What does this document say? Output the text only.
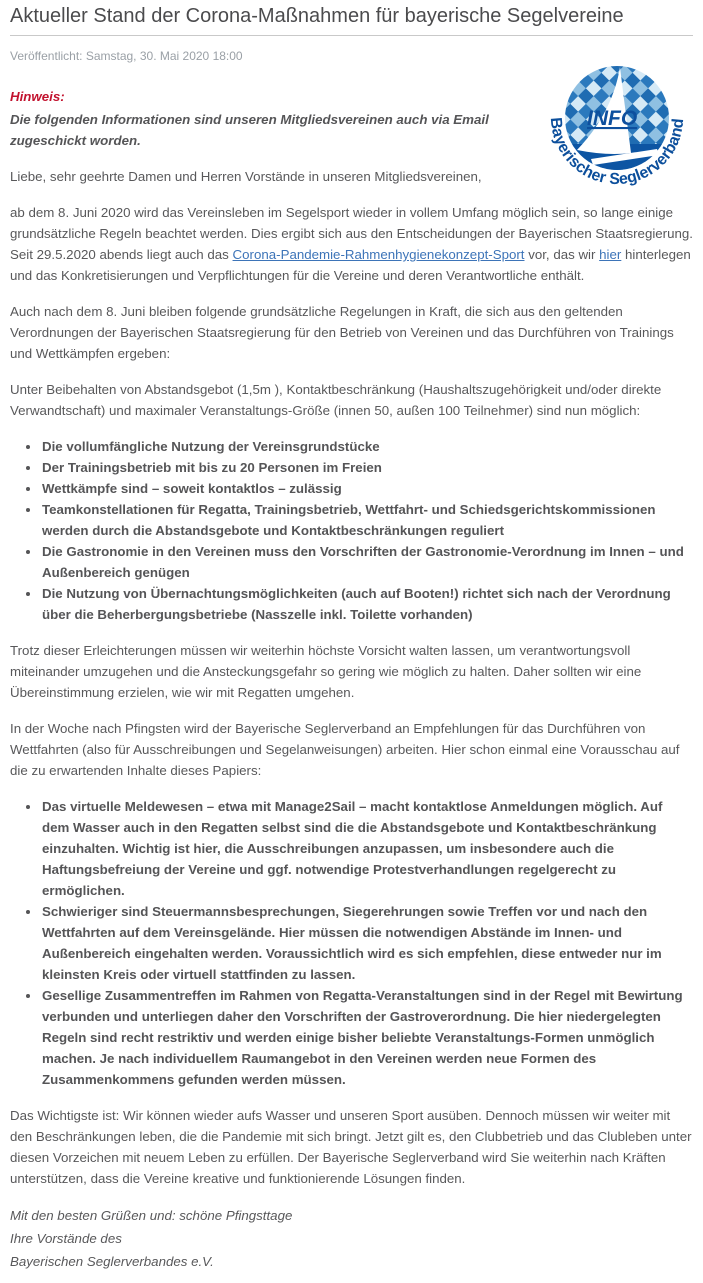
Aktueller Stand der Corona-Maßnahmen für bayerische Segelvereine

Veröffentlicht: Samstag, 30. Mai 2020 18:00

INFO
Bayerischer Seglerverband

Hinweis:
Die folgenden Informationen sind unseren Mitgliedsvereinen auch via Email zugeschickt worden.

Liebe, sehr geehrte Damen und Herren Vorstände in unseren Mitgliedsvereinen,

ab dem 8. Juni 2020 wird das Vereinsleben im Segelsport wieder in vollem Umfang möglich sein, so lange einige grundsätzliche Regeln beachtet werden. Dies ergibt sich aus den Entscheidungen der Bayerischen Staatsregierung. Seit 29.5.2020 abends liegt auch das Corona-Pandemie-Rahmenhygienekonzept-Sport vor, das wir hier hinterlegen und das Konkretisierungen und Verpflichtungen für die Vereine und deren Verantwortliche enthält.

Auch nach dem 8. Juni bleiben folgende grundsätzliche Regelungen in Kraft, die sich aus den geltenden Verordnungen der Bayerischen Staatsregierung für den Betrieb von Vereinen und das Durchführen von Trainings und Wettkämpfen ergeben:

Unter Beibehalten von Abstandsgebot (1,5m ), Kontaktbeschränkung (Haushaltszugehörigkeit und/oder direkte Verwandtschaft) und maximaler Veranstaltungs-Größe (innen 50, außen 100 Teilnehmer) sind nun möglich:

• Die vollumfängliche Nutzung der Vereinsgrundstücke
• Der Trainingsbetrieb mit bis zu 20 Personen im Freien
• Wettkämpfe sind – soweit kontaktlos – zulässig
• Teamkonstellationen für Regatta, Trainingsbetrieb, Wettfahrt- und Schiedsgerichtskommissionen werden durch die Abstandsgebote und Kontaktbeschränkungen reguliert
• Die Gastronomie in den Vereinen muss den Vorschriften der Gastronomie-Verordnung im Innen – und Außenbereich genügen
• Die Nutzung von Übernachtungsmöglichkeiten (auch auf Booten!) richtet sich nach der Verordnung über die Beherbergungsbetriebe (Nasszelle inkl. Toilette vorhanden)

Trotz dieser Erleichterungen müssen wir weiterhin höchste Vorsicht walten lassen, um verantwortungsvoll miteinander umzugehen und die Ansteckungsgefahr so gering wie möglich zu halten. Daher sollten wir eine Übereinstimmung erzielen, wie wir mit Regatten umgehen.

In der Woche nach Pfingsten wird der Bayerische Seglerverband an Empfehlungen für das Durchführen von Wettfahrten (also für Ausschreibungen und Segelanweisungen) arbeiten. Hier schon einmal eine Vorausschau auf die zu erwartenden Inhalte dieses Papiers:

• Das virtuelle Meldewesen – etwa mit Manage2Sail – macht kontaktlose Anmeldungen möglich. Auf dem Wasser auch in den Regatten selbst sind die die Abstandsgebote und Kontaktbeschränkung einzuhalten. Wichtig ist hier, die Ausschreibungen anzupassen, um insbesondere auch die Haftungsbefreiung der Vereine und ggf. notwendige Protestverhandlungen regelgerecht zu ermöglichen.
• Schwieriger sind Steuermannsbesprechungen, Siegerehrungen sowie Treffen vor und nach den Wettfahrten auf dem Vereinsgelände. Hier müssen die notwendigen Abstände im Innen- und Außenbereich eingehalten werden. Voraussichtlich wird es sich empfehlen, diese entweder nur im kleinsten Kreis oder virtuell stattfinden zu lassen.
• Gesellige Zusammentreffen im Rahmen von Regatta-Veranstaltungen sind in der Regel mit Bewirtung verbunden und unterliegen daher den Vorschriften der Gastroverordnung. Die hier niedergelegten Regeln sind recht restriktiv und werden einige bisher beliebte Veranstaltungs-Formen unmöglich machen. Je nach individuellem Raumangebot in den Vereinen werden neue Formen des Zusammenkommens gefunden werden müssen.

Das Wichtigste ist: Wir können wieder aufs Wasser und unseren Sport ausüben. Dennoch müssen wir weiter mit den Beschränkungen leben, die die Pandemie mit sich bringt. Jetzt gilt es, den Clubbetrieb und das Clubleben unter diesen Vorzeichen mit neuem Leben zu erfüllen. Der Bayerische Seglerverband wird Sie weiterhin nach Kräften unterstützen, dass die Vereine kreative und funktionierende Lösungen finden.

Mit den besten Grüßen und: schöne Pfingsttage
Ihre Vorstände des
Bayerischen Seglerverbandes e.V.
